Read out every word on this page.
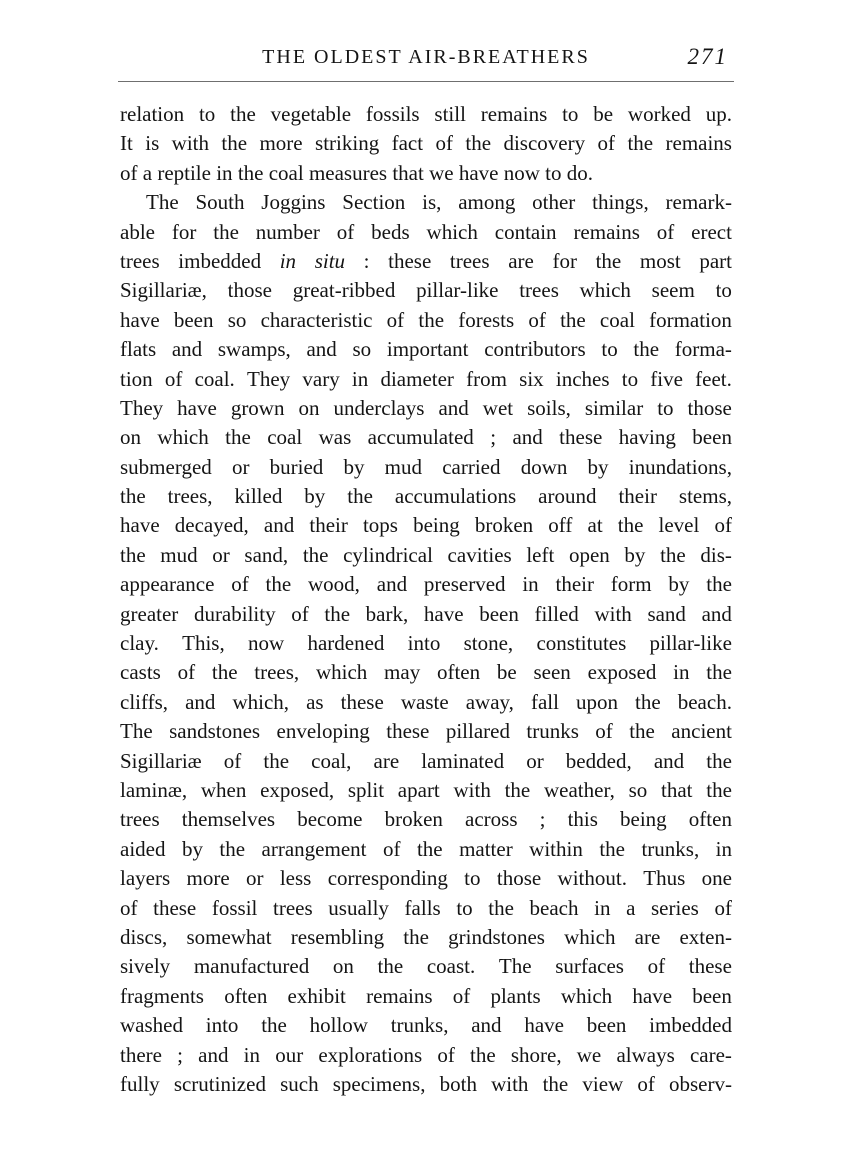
THE OLDEST AIR-BREATHERS	271
relation to the vegetable fossils still remains to be worked up.
It is with the more striking fact of the discovery of the remains
of a reptile in the coal measures that we have now to do.
The South Joggins Section is, among other things, remark-
able for the number of beds which contain remains of erect
trees imbedded in situ : these trees are for the most part
Sigillariæ, those great-ribbed pillar-like trees which seem to
have been so characteristic of the forests of the coal formation
flats and swamps, and so important contributors to the forma-
tion of coal. They vary in diameter from six inches to five feet.
They have grown on underclays and wet soils, similar to those
on which the coal was accumulated ; and these having been
submerged or buried by mud carried down by inundations,
the trees, killed by the accumulations around their stems,
have decayed, and their tops being broken off at the level of
the mud or sand, the cylindrical cavities left open by the dis-
appearance of the wood, and preserved in their form by the
greater durability of the bark, have been filled with sand and
clay. This, now hardened into stone, constitutes pillar-like
casts of the trees, which may often be seen exposed in the
cliffs, and which, as these waste away, fall upon the beach.
The sandstones enveloping these pillared trunks of the ancient
Sigillariæ of the coal, are laminated or bedded, and the
laminæ, when exposed, split apart with the weather, so that the
trees themselves become broken across ; this being often
aided by the arrangement of the matter within the trunks, in
layers more or less corresponding to those without. Thus one
of these fossil trees usually falls to the beach in a series of
discs, somewhat resembling the grindstones which are exten-
sively manufactured on the coast. The surfaces of these
fragments often exhibit remains of plants which have been
washed into the hollow trunks, and have been imbedded
there ; and in our explorations of the shore, we always care-
fully scrutinized such specimens, both with the view of observ-
